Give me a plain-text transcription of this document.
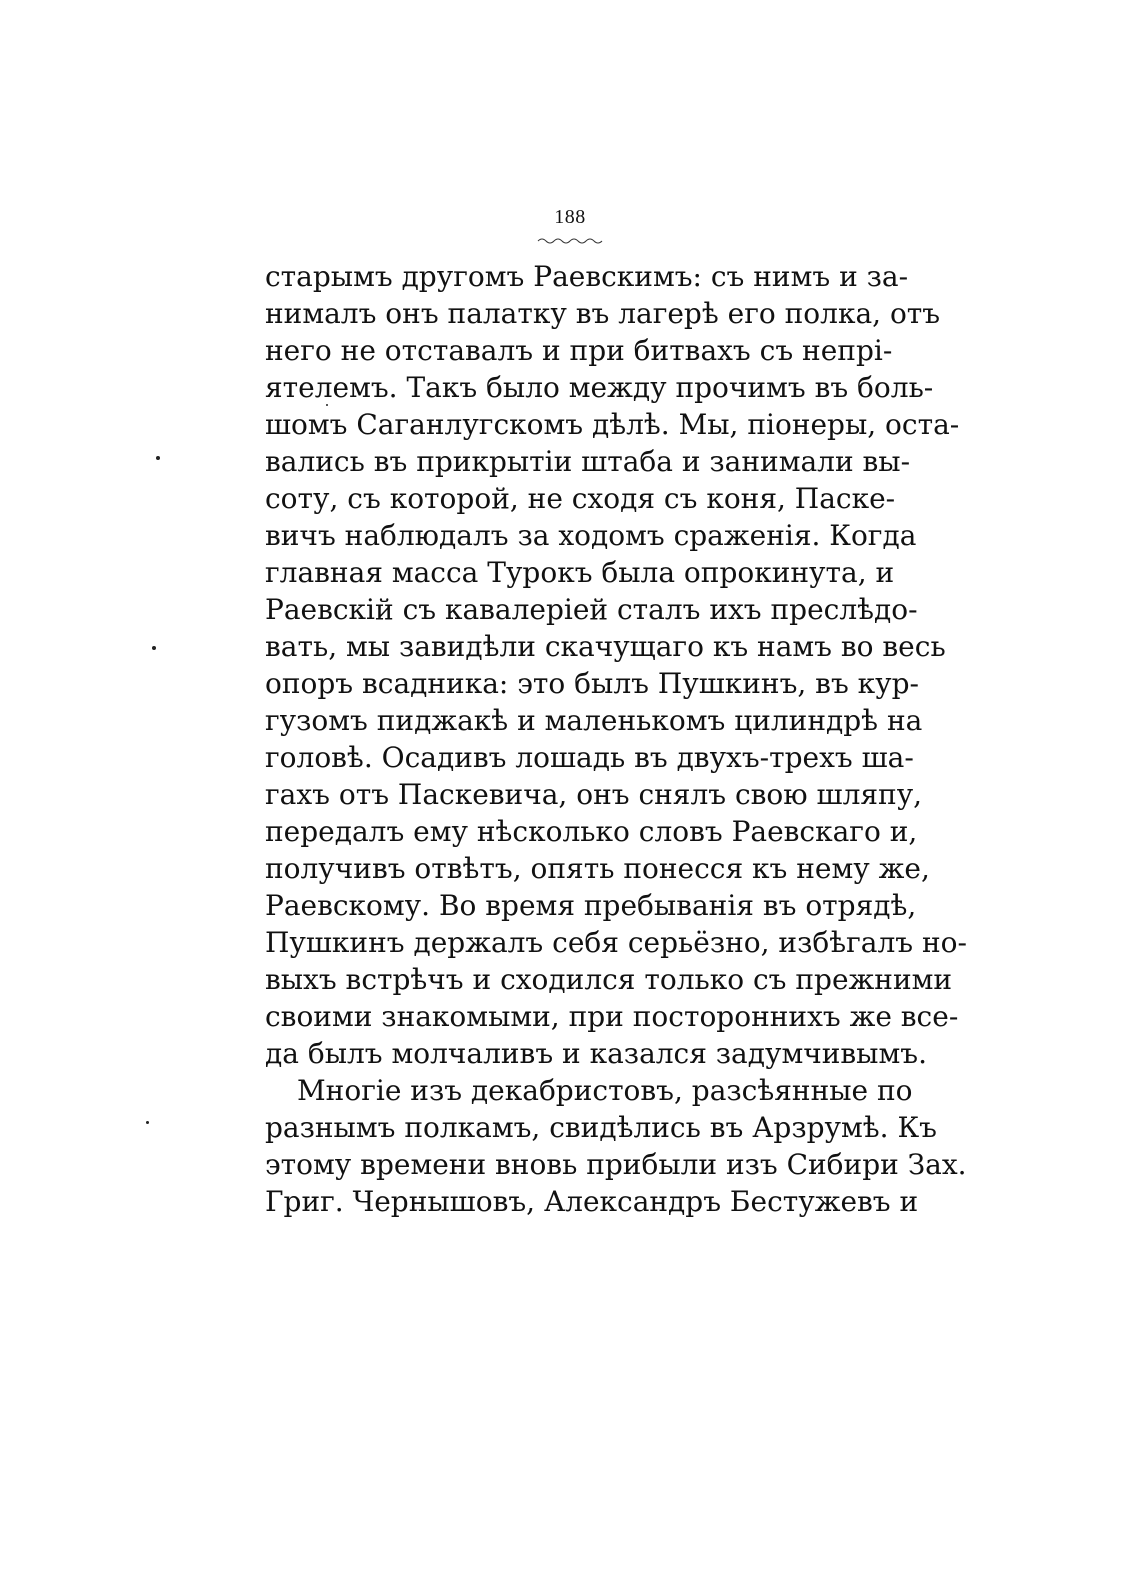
188
старымъ другомъ Раевскимъ: съ нимъ и за-
нималъ онъ палатку въ лагерѣ его полка, отъ
него не отставалъ и при битвахъ съ непрі-
ятелемъ. Такъ было между прочимъ въ боль-
шомъ Саганлугскомъ дѣлѣ. Мы, піонеры, оста-
вались въ прикрытіи штаба и занимали вы-
соту, съ которой, не сходя съ коня, Паске-
вичъ наблюдалъ за ходомъ сраженія. Когда
главная масса Турокъ была опрокинута, и
Раевскій съ кавалеріей сталъ ихъ преслѣдо-
вать, мы завидѣли скачущаго къ намъ во весь
опоръ всадника: это былъ Пушкинъ, въ кур-
гузомъ пиджакѣ и маленькомъ цилиндрѣ на
головѣ. Осадивъ лошадь въ двухъ-трехъ ша-
гахъ отъ Паскевича, онъ снялъ свою шляпу,
передалъ ему нѣсколько словъ Раевскаго и,
получивъ отвѣтъ, опять понесся къ нему же,
Раевскому. Во время пребыванія въ отрядѣ,
Пушкинъ держалъ себя серьёзно, избѣгалъ но-
выхъ встрѣчъ и сходился только съ прежними
своими знакомыми, при постороннихъ же все-
да былъ молчаливъ и казался задумчивымъ.
Многіе изъ декабристовъ, разсѣянные по
разнымъ полкамъ, свидѣлись въ Арзрумѣ. Къ
этому времени вновь прибыли изъ Сибири Зах.
Григ. Чернышовъ, Александръ Бестужевъ и
